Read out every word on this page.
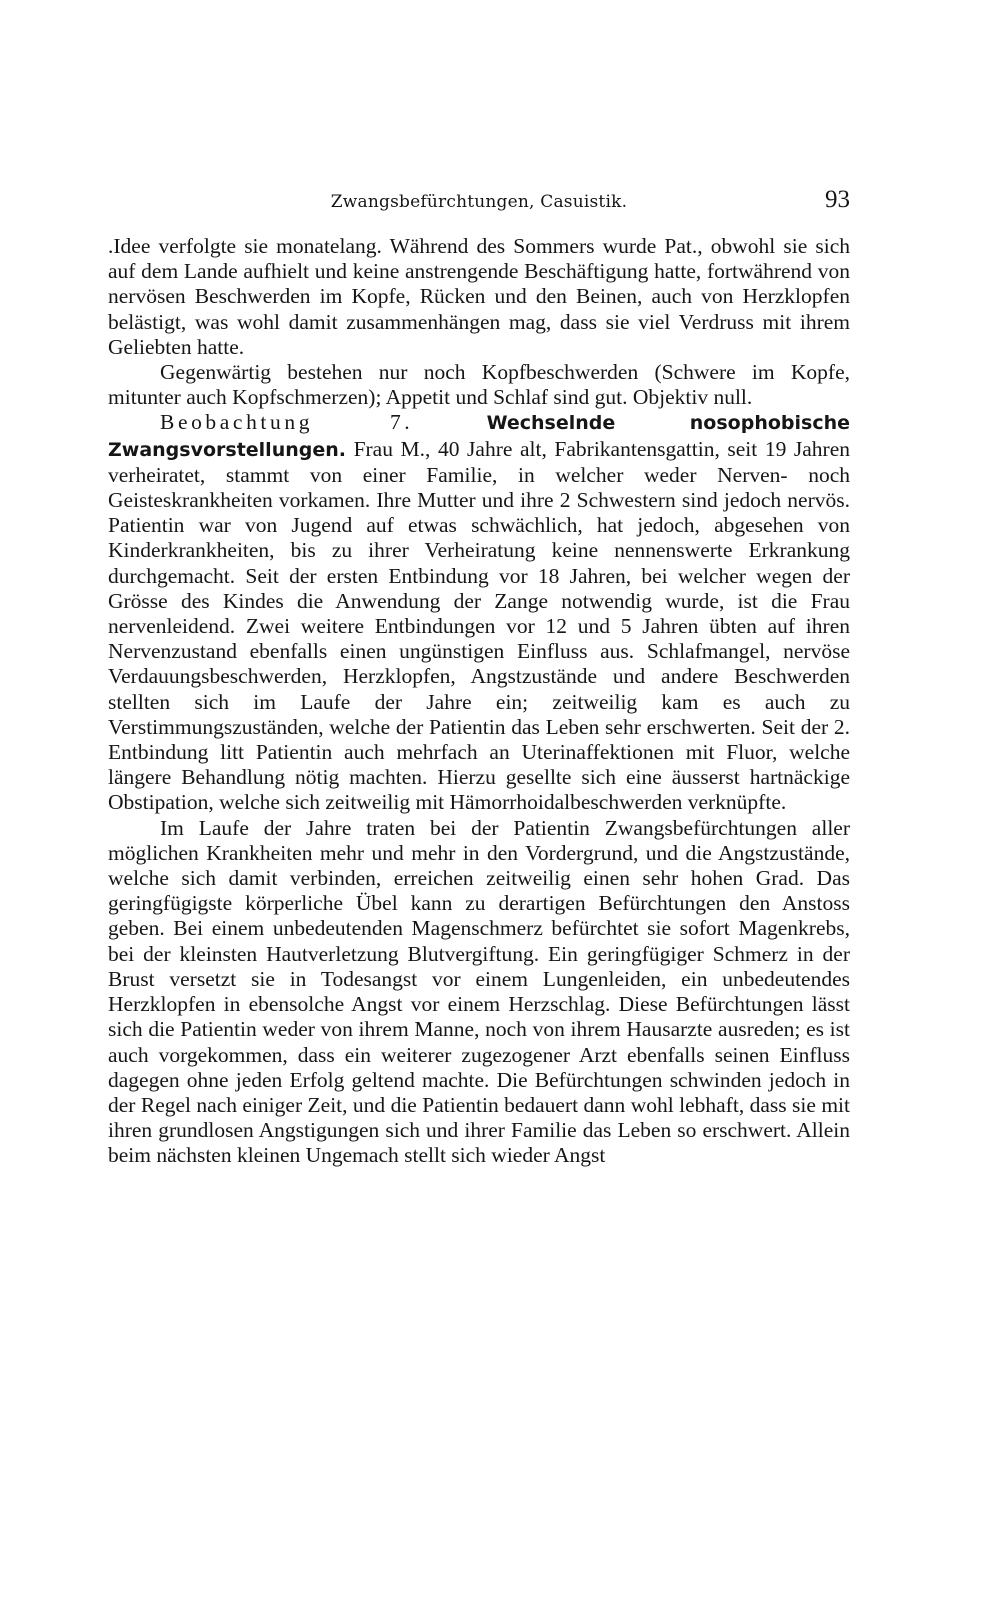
Zwangsbefürchtungen, Casuistik.	93

.Idee verfolgte sie monatelang. Während des Sommers wurde Pat., obwohl sie sich auf dem Lande aufhielt und keine anstrengende Beschäftigung hatte, fortwährend von nervösen Beschwerden im Kopfe, Rücken und den Beinen, auch von Herzklopfen belästigt, was wohl damit zusammenhängen mag, dass sie viel Verdruss mit ihrem Geliebten hatte.

Gegenwärtig bestehen nur noch Kopfbeschwerden (Schwere im Kopfe, mitunter auch Kopfschmerzen); Appetit und Schlaf sind gut. Objektiv null.

Beobachtung 7.	Wechselnde nosophobische Zwangsvorstellungen. Frau M., 40 Jahre alt, Fabrikantensgattin, seit 19 Jahren verheiratet, stammt von einer Familie, in welcher weder Nerven- noch Geisteskrankheiten vorkamen. Ihre Mutter und ihre 2 Schwestern sind jedoch nervös. Patientin war von Jugend auf etwas schwächlich, hat jedoch, abgesehen von Kinderkrankheiten, bis zu ihrer Verheiratung keine nennenswerte Erkrankung durchgemacht. Seit der ersten Entbindung vor 18 Jahren, bei welcher wegen der Grösse des Kindes die Anwendung der Zange notwendig wurde, ist die Frau nervenleidend. Zwei weitere Entbindungen vor 12 und 5 Jahren übten auf ihren Nervenzustand ebenfalls einen ungünstigen Einfluss aus. Schlafmangel, nervöse Verdauungsbeschwerden, Herzklopfen, Angstzustände und andere Beschwerden stellten sich im Laufe der Jahre ein; zeitweilig kam es auch zu Verstimmungszuständen, welche der Patientin das Leben sehr erschwerten. Seit der 2. Entbindung litt Patientin auch mehrfach an Uterinaffektionen mit Fluor, welche längere Behandlung nötig machten. Hierzu gesellte sich eine äusserst hartnäckige Obstipation, welche sich zeitweilig mit Hämorrhoidalbeschwerden verknüpfte.

Im Laufe der Jahre traten bei der Patientin Zwangsbefürchtungen aller möglichen Krankheiten mehr und mehr in den Vordergrund, und die Angstzustände, welche sich damit verbinden, erreichen zeitweilig einen sehr hohen Grad. Das geringfügigste körperliche Übel kann zu derartigen Befürchtungen den Anstoss geben. Bei einem unbedeutenden Magenschmerz befürchtet sie sofort Magenkrebs, bei der kleinsten Hautverletzung Blutvergiftung. Ein geringfügiger Schmerz in der Brust versetzt sie in Todesangst vor einem Lungenleiden, ein unbedeutendes Herzklopfen in ebensolche Angst vor einem Herzschlag. Diese Befürchtungen lässt sich die Patientin weder von ihrem Manne, noch von ihrem Hausarzte ausreden; es ist auch vorgekommen, dass ein weiterer zugezogener Arzt ebenfalls seinen Einfluss dagegen ohne jeden Erfolg geltend machte. Die Befürchtungen schwinden jedoch in der Regel nach einiger Zeit, und die Patientin bedauert dann wohl lebhaft, dass sie mit ihren grundlosen Angstigungen sich und ihrer Familie das Leben so erschwert. Allein beim nächsten kleinen Ungemach stellt sich wieder Angst
